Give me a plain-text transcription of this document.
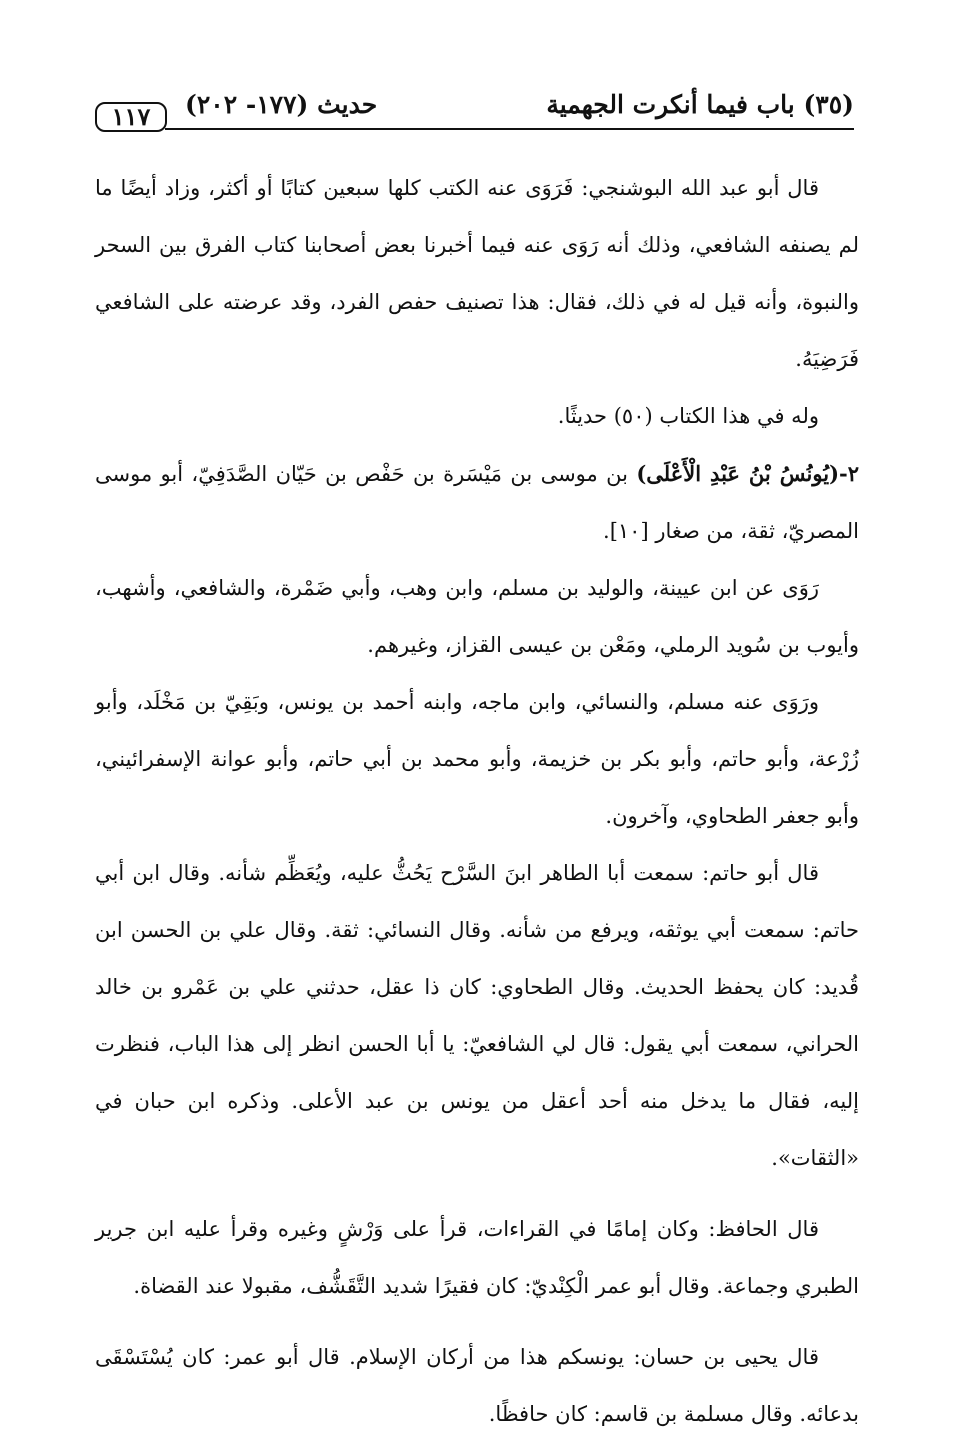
(٣٥) باب فيما أنكرت الجهمية
حديث (١٧٧- ٢٠٢)
١١٧

قال أبو عبد الله البوشنجي: فَرَوَى عنه الكتب كلها سبعين كتابًا أو أكثر، وزاد أيضًا ما لم يصنفه الشافعي، وذلك أنه رَوَى عنه فيما أخبرنا بعض أصحابنا كتاب الفرق بين السحر والنبوة، وأنه قيل له في ذلك، فقال: هذا تصنيف حفص الفرد، وقد عرضته على الشافعي فَرَضِيَهُ.

وله في هذا الكتاب (٥٠) حديثًا.

٢-(يُونُسُ بْنُ عَبْدِ الْأَعْلَى) بن موسى بن مَيْسَرة بن حَفْص بن حَيّان الصَّدَفِيّ، أبو موسى المصريّ، ثقة، من صغار [١٠].

رَوَى عن ابن عيينة، والوليد بن مسلم، وابن وهب، وأبي ضَمْرة، والشافعي، وأشهب، وأيوب بن سُويد الرملي، ومَعْن بن عيسى القزاز، وغيرهم.

ورَوَى عنه مسلم، والنسائي، وابن ماجه، وابنه أحمد بن يونس، وبَقِيّ بن مَخْلَد، وأبو زُرْعة، وأبو حاتم، وأبو بكر بن خزيمة، وأبو محمد بن أبي حاتم، وأبو عوانة الإسفرائيني، وأبو جعفر الطحاوي، وآخرون.

قال أبو حاتم: سمعت أبا الطاهر ابنَ السَّرْح يَحُثُّ عليه، ويُعَظِّم شأنه. وقال ابن أبي حاتم: سمعت أبي يوثقه، ويرفع من شأنه. وقال النسائي: ثقة. وقال علي بن الحسن ابن قُديد: كان يحفظ الحديث. وقال الطحاوي: كان ذا عقل، حدثني علي بن عَمْرو بن خالد الحراني، سمعت أبي يقول: قال لي الشافعيّ: يا أبا الحسن انظر إلى هذا الباب، فنظرت إليه، فقال ما يدخل منه أحد أعقل من يونس بن عبد الأعلى. وذكره ابن حبان في «الثقات».

قال الحافظ: وكان إمامًا في القراءات، قرأ على وَرْشٍ وغيره وقرأ عليه ابن جرير الطبري وجماعة. وقال أبو عمر الْكِنْديّ: كان فقيرًا شديد التَّقَشُّف، مقبولا عند القضاة.

قال يحيى بن حسان: يونسكم هذا من أركان الإسلام. قال أبو عمر: كان يُسْتَسْقَى بدعائه. وقال مسلمة بن قاسم: كان حافظًا.
